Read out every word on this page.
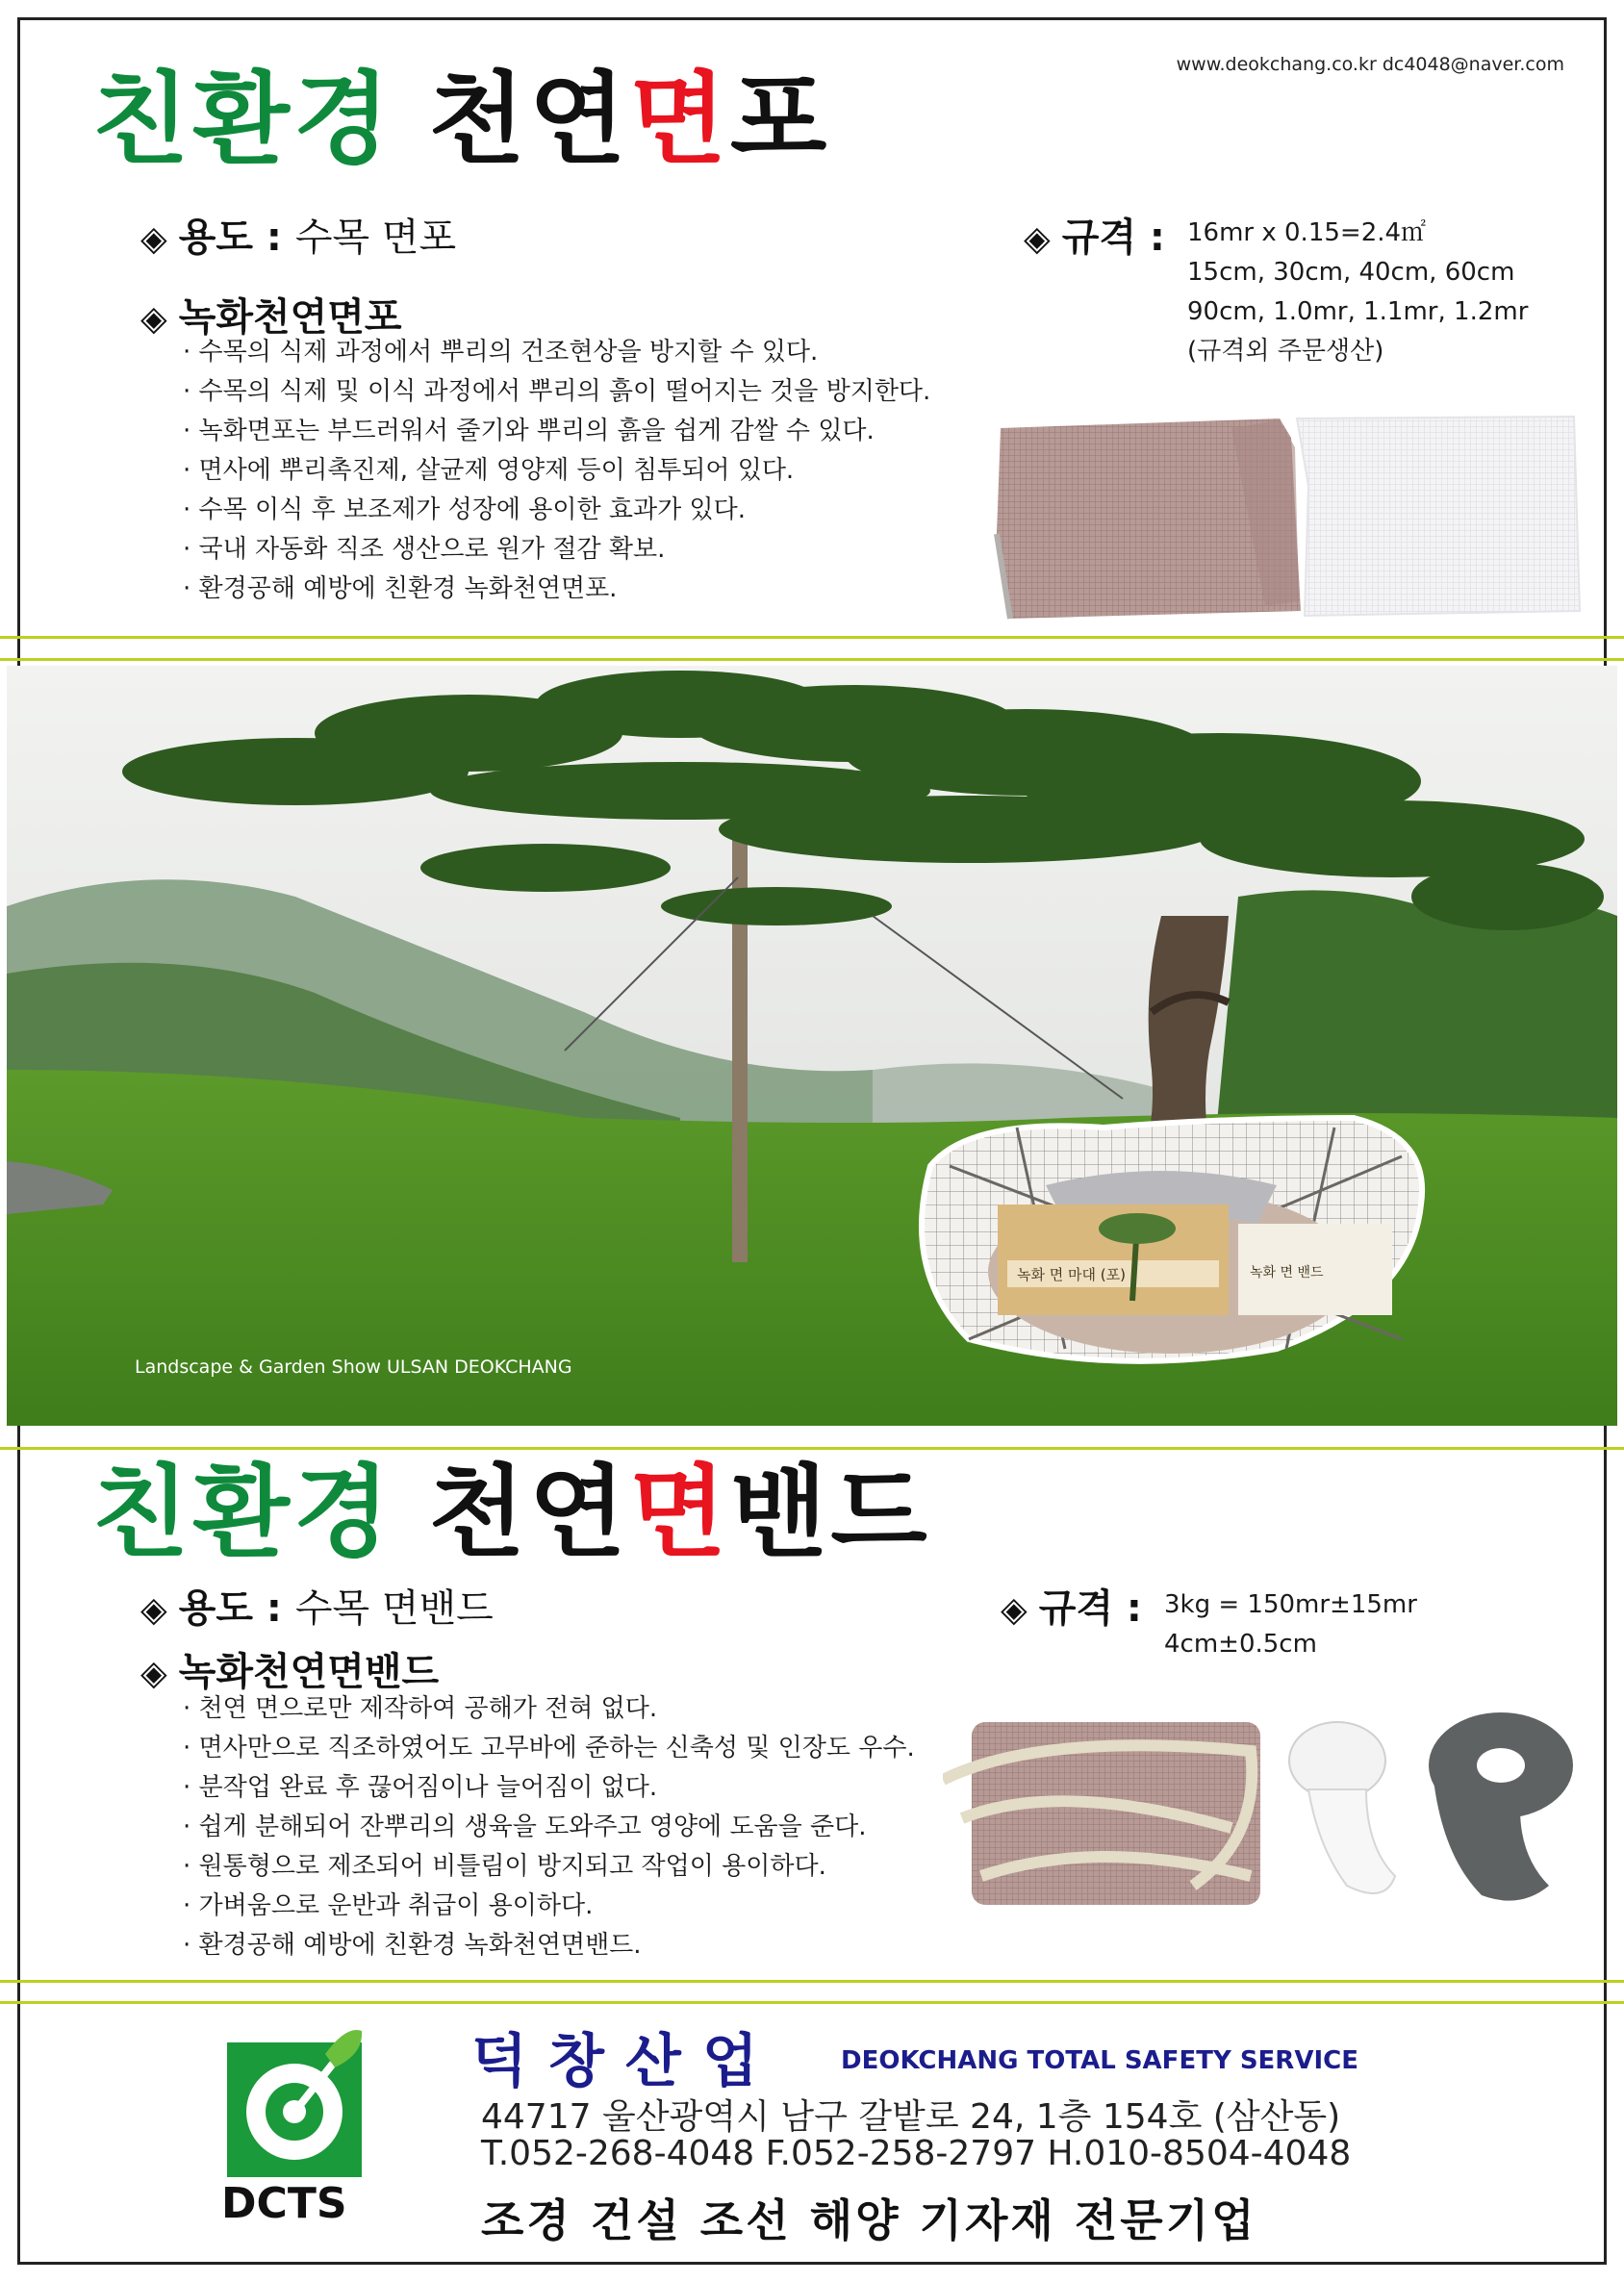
www.deokchang.co.kr dc4048@naver.com
친환경 천연면포
◈ 용도 : 수목 면포
◈ 녹화천연면포
· 수목의 식제 과정에서 뿌리의 건조현상을 방지할 수 있다.
· 수목의 식제 및 이식 과정에서 뿌리의 흙이 떨어지는 것을 방지한다.
· 녹화면포는 부드러워서 줄기와 뿌리의 흙을 쉽게 감쌀 수 있다.
· 면사에 뿌리촉진제, 살균제 영양제 등이 침투되어 있다.
· 수목 이식 후 보조제가 성장에 용이한 효과가 있다.
· 국내 자동화 직조 생산으로 원가 절감 확보.
· 환경공해 예방에 친환경 녹화천연면포.
◈ 규격 : 16mr x 0.15=2.4㎡
15cm, 30cm, 40cm, 60cm
90cm, 1.0mr, 1.1mr, 1.2mr
(규격외 주문생산)
녹화 면 마대 (포)	녹화 면 밴드
Landscape & Garden Show ULSAN DEOKCHANG
친환경 천연면밴드
◈ 용도 : 수목 면밴드
◈ 녹화천연면밴드
· 천연 면으로만 제작하여 공해가 전혀 없다.
· 면사만으로 직조하였어도 고무바에 준하는 신축성 및 인장도 우수.
· 분작업 완료 후 끊어짐이나 늘어짐이 없다.
· 쉽게 분해되어 잔뿌리의 생육을 도와주고 영양에 도움을 준다.
· 원통형으로 제조되어 비틀림이 방지되고 작업이 용이하다.
· 가벼움으로 운반과 취급이 용이하다.
· 환경공해 예방에 친환경 녹화천연면밴드.
◈ 규격 : 3kg = 150mr±15mr
4cm±0.5cm
DCTS
덕창산업 DEOKCHANG TOTAL SAFETY SERVICE
44717 울산광역시 남구 갈밭로 24, 1층 154호 (삼산동)
T.052-268-4048 F.052-258-2797 H.010-8504-4048
조경 건설 조선 해양 기자재 전문기업
